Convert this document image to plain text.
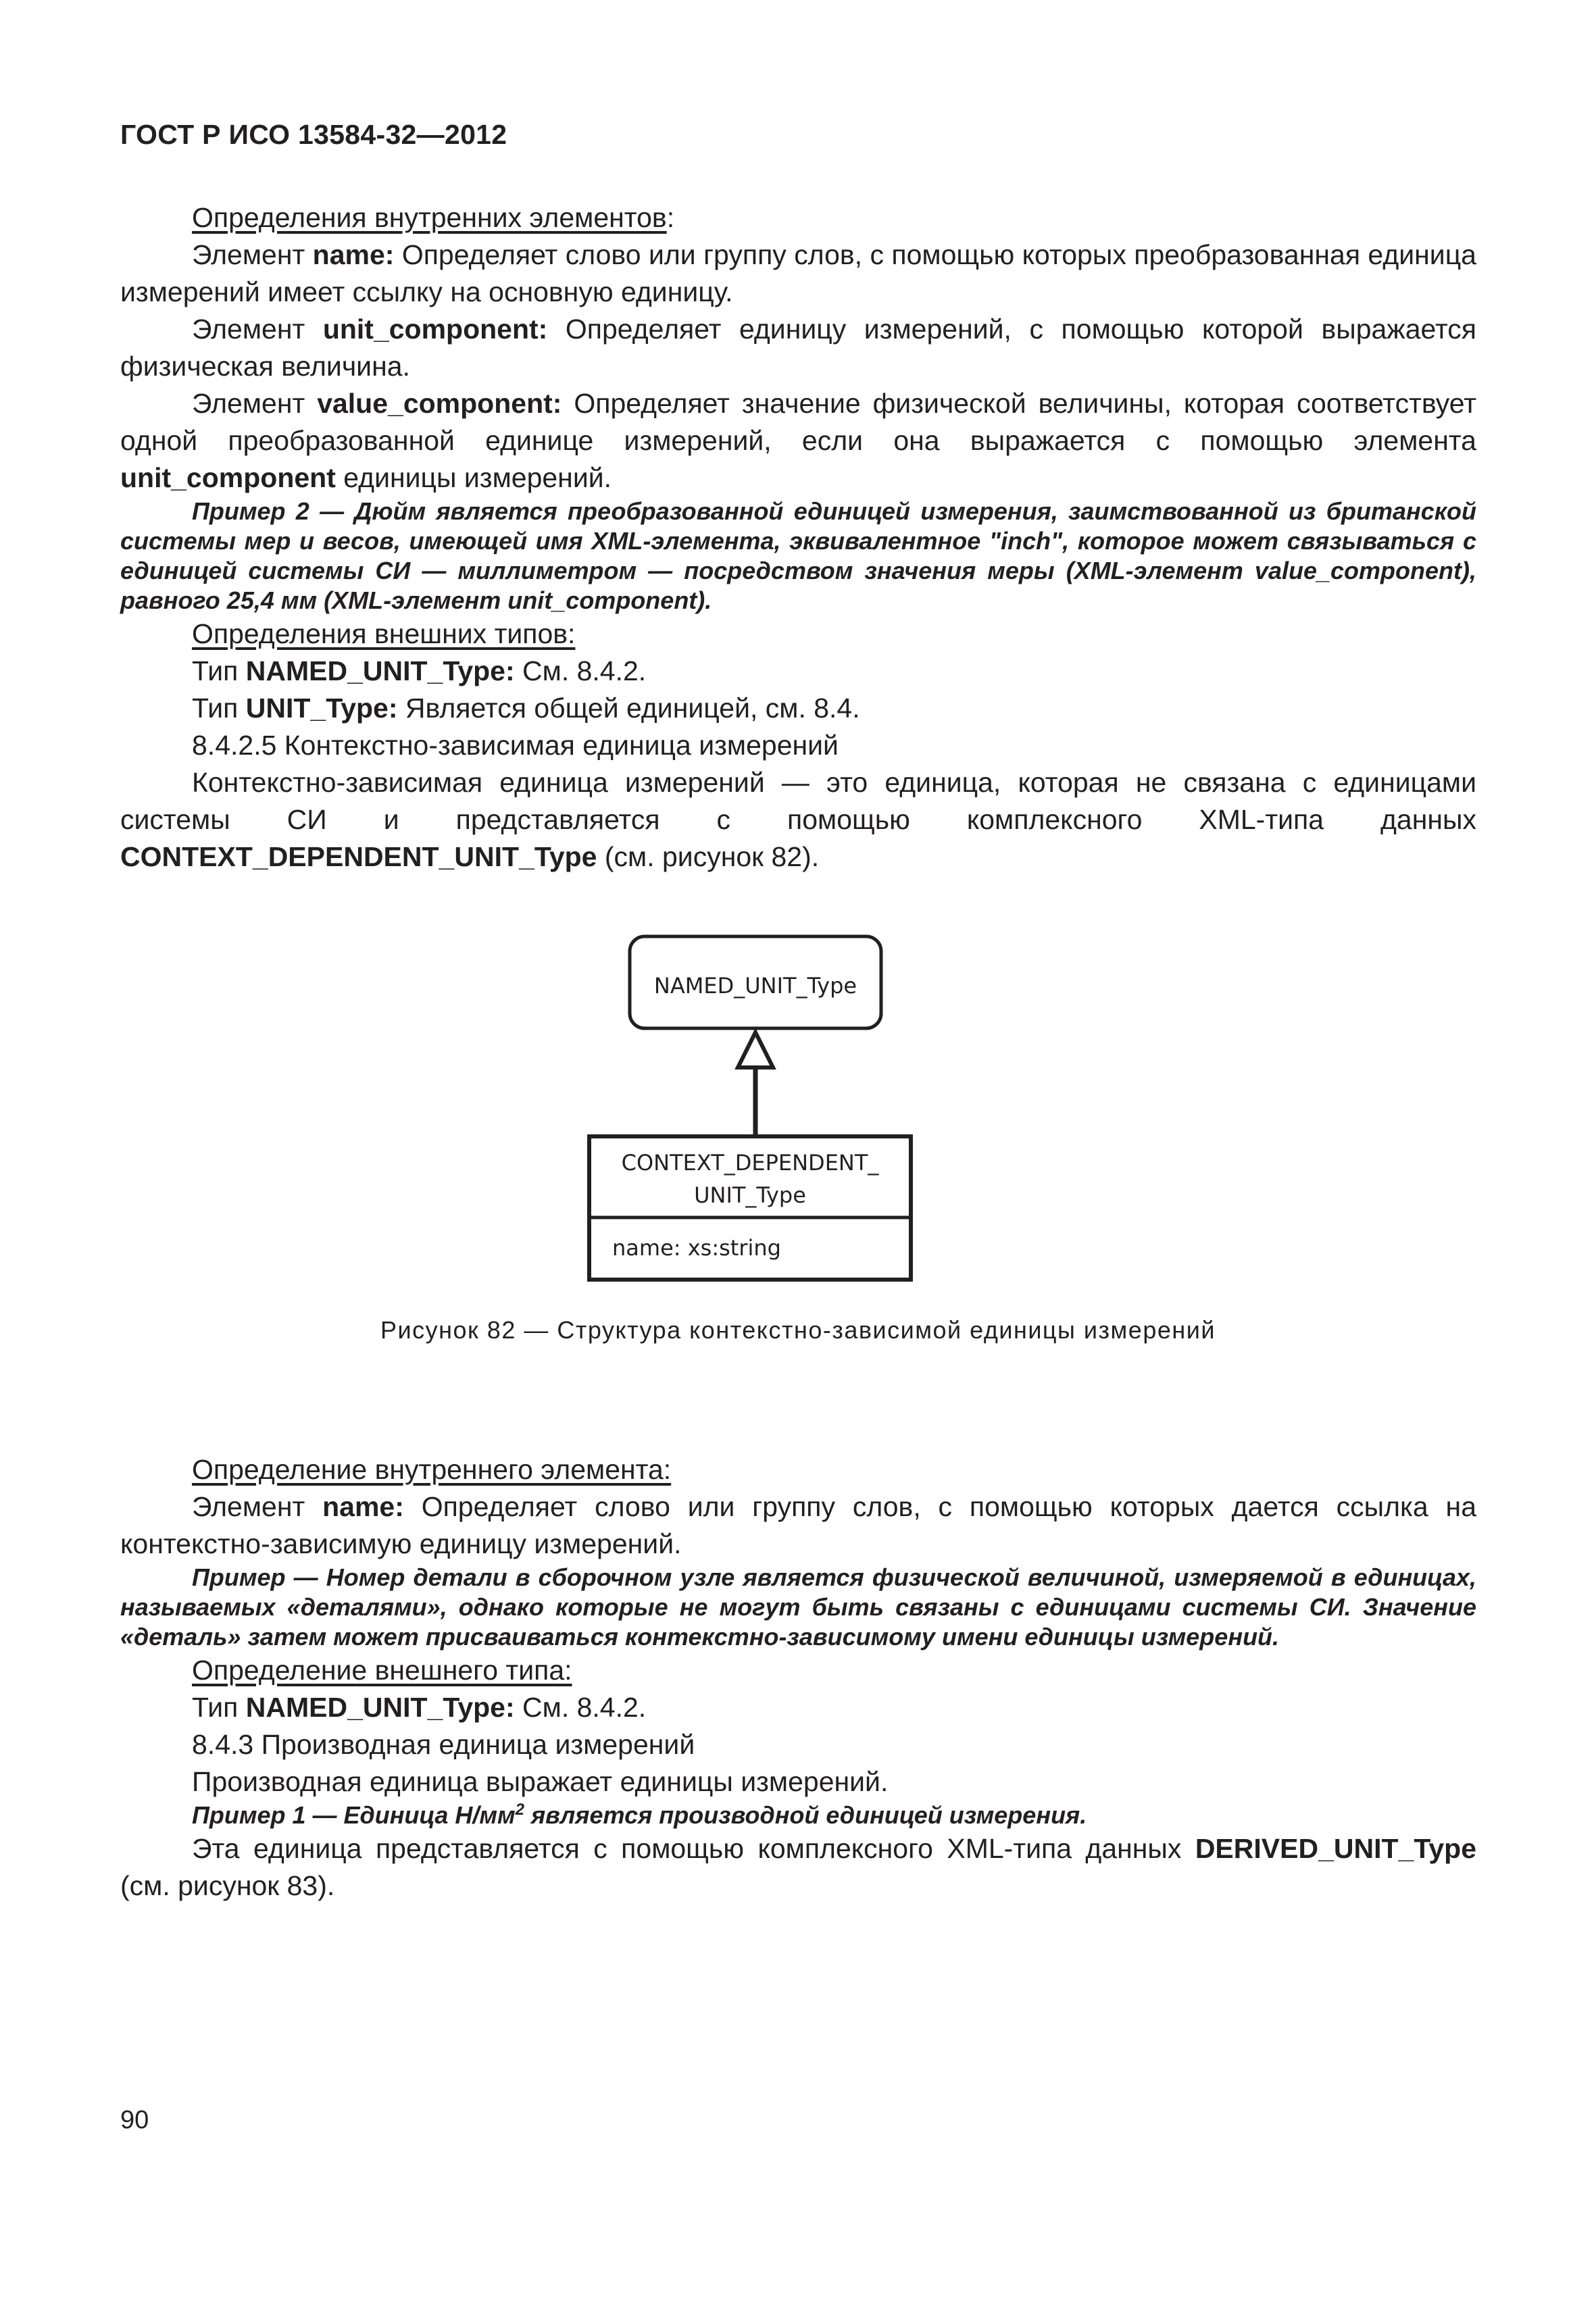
ГОСТ Р ИСО 13584-32—2012

Определения внутренних элементов:

Элемент name: Определяет слово или группу слов, с помощью которых преобразованная единица измерений имеет ссылку на основную единицу.

Элемент unit_component: Определяет единицу измерений, с помощью которой выражается физическая величина.

Элемент value_component: Определяет значение физической величины, которая соответствует одной преобразованной единице измерений, если она выражается с помощью элемента unit_component единицы измерений.

Пример 2 — Дюйм является преобразованной единицей измерения, заимствованной из британской системы мер и весов, имеющей имя XML-элемента, эквивалентное "inch", которое может связываться с единицей системы СИ — миллиметром — посредством значения меры (XML-элемент value_component), равного 25,4 мм (XML-элемент unit_component).

Определения внешних типов:

Тип NAMED_UNIT_Type: См. 8.4.2.

Тип UNIT_Type: Является общей единицей, см. 8.4.

8.4.2.5 Контекстно-зависимая единица измерений

Контекстно-зависимая единица измерений — это единица, которая не связана с единицами системы СИ и представляется с помощью комплексного XML-типа данных CONTEXT_DEPENDENT_UNIT_Type (см. рисунок 82).

NAMED_UNIT_Type
CONTEXT_DEPENDENT_
UNIT_Type
name: xs:string
Рисунок 82 — Структура контекстно-зависимой единицы измерений

Определение внутреннего элемента:

Элемент name: Определяет слово или группу слов, с помощью которых дается ссылка на контекстно-зависимую единицу измерений.

Пример — Номер детали в сборочном узле является физической величиной, измеряемой в единицах, называемых «деталями», однако которые не могут быть связаны с единицами системы СИ. Значение «деталь» затем может присваиваться контекстно-зависимому имени единицы измерений.

Определение внешнего типа:

Тип NAMED_UNIT_Type: См. 8.4.2.

8.4.3 Производная единица измерений

Производная единица выражает единицы измерений.

Пример 1 — Единица $Н/мм^2$ является производной единицей измерения.

Эта единица представляется с помощью комплексного XML-типа данных DERIVED_UNIT_Type (см. рисунок 83).

90
